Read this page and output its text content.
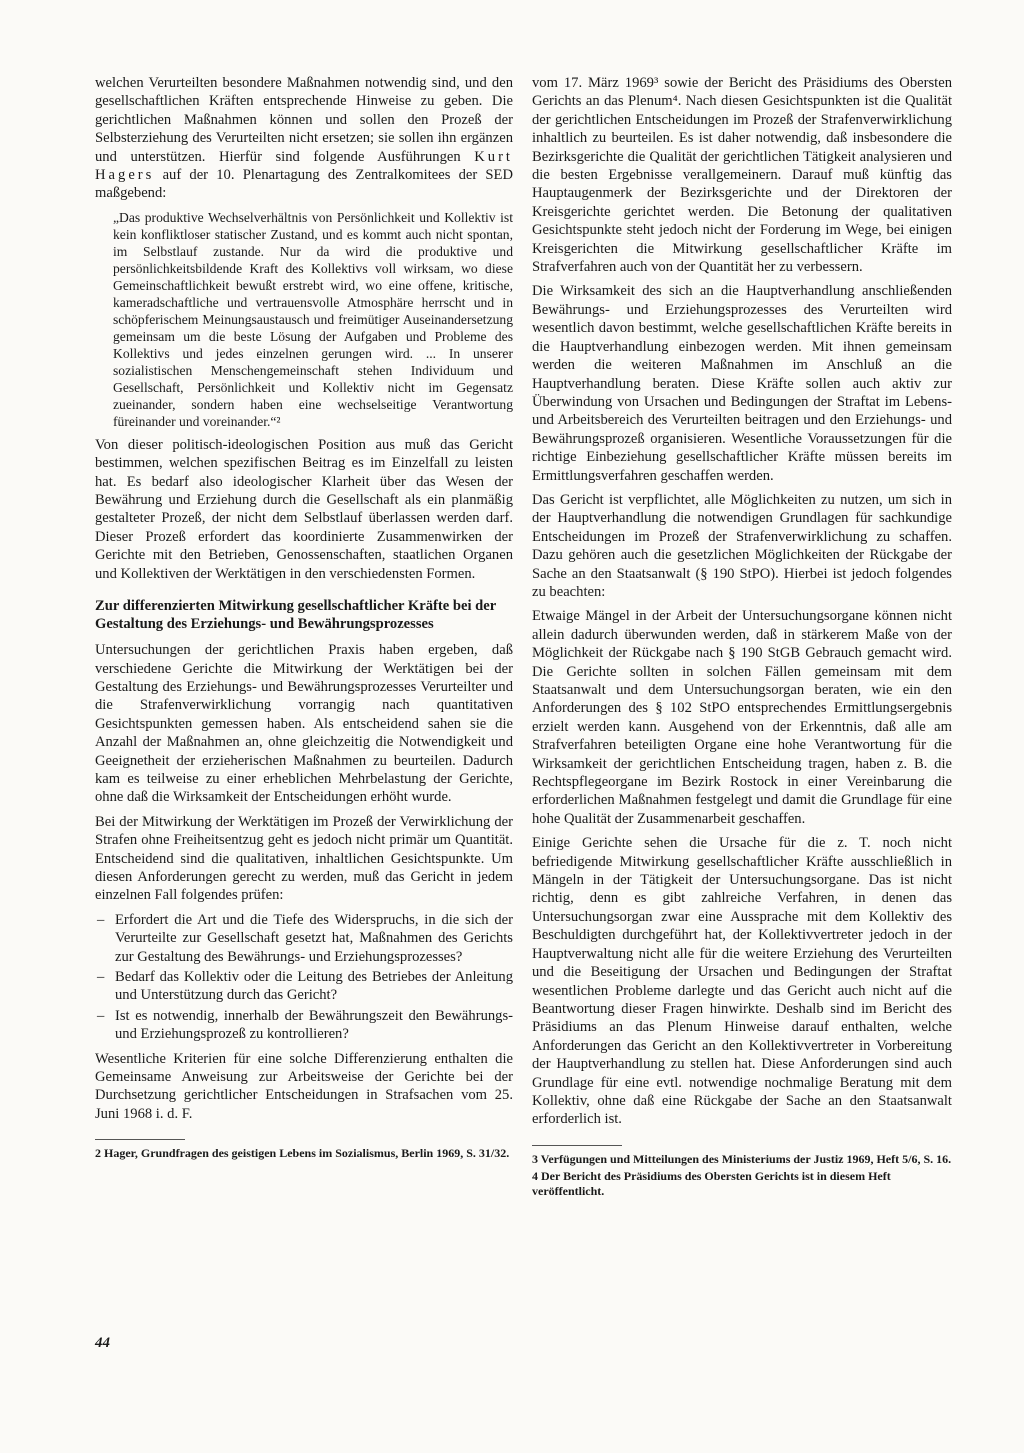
welchen Verurteilten besondere Maßnahmen notwendig sind, und den gesellschaftlichen Kräften entsprechende Hinweise zu geben. Die gerichtlichen Maßnahmen können und sollen den Prozeß der Selbsterziehung des Verurteilten nicht ersetzen; sie sollen ihn ergänzen und unterstützen. Hierfür sind folgende Ausführungen Kurt Hagers auf der 10. Plenartagung des Zentralkomitees der SED maßgebend:

„Das produktive Wechselverhältnis von Persönlichkeit und Kollektiv ist kein konfliktloser statischer Zustand, und es kommt auch nicht spontan, im Selbstlauf zustande. Nur da wird die produktive und persönlichkeitsbildende Kraft des Kollektivs voll wirksam, wo diese Gemeinschaftlichkeit bewußt erstrebt wird, wo eine offene, kritische, kameradschaftliche und vertrauensvolle Atmosphäre herrscht und in schöpferischem Meinungsaustausch und freimütiger Auseinandersetzung gemeinsam um die beste Lösung der Aufgaben und Probleme des Kollektivs und jedes einzelnen gerungen wird. ... In unserer sozialistischen Menschengemeinschaft stehen Individuum und Gesellschaft, Persönlichkeit und Kollektiv nicht im Gegensatz zueinander, sondern haben eine wechselseitige Verantwortung füreinander und voreinander.“²

Von dieser politisch-ideologischen Position aus muß das Gericht bestimmen, welchen spezifischen Beitrag es im Einzelfall zu leisten hat. Es bedarf also ideologischer Klarheit über das Wesen der Bewährung und Erziehung durch die Gesellschaft als ein planmäßig gestalteter Prozeß, der nicht dem Selbstlauf überlassen werden darf. Dieser Prozeß erfordert das koordinierte Zusammenwirken der Gerichte mit den Betrieben, Genossenschaften, staatlichen Organen und Kollektiven der Werktätigen in den verschiedensten Formen.

Zur differenzierten Mitwirkung gesellschaftlicher Kräfte bei der Gestaltung des Erziehungs- und Bewährungsprozesses

Untersuchungen der gerichtlichen Praxis haben ergeben, daß verschiedene Gerichte die Mitwirkung der Werktätigen bei der Gestaltung des Erziehungs- und Bewährungsprozesses Verurteilter und die Strafenverwirklichung vorrangig nach quantitativen Gesichtspunkten gemessen haben. Als entscheidend sahen sie die Anzahl der Maßnahmen an, ohne gleichzeitig die Notwendigkeit und Geeignetheit der erzieherischen Maßnahmen zu beurteilen. Dadurch kam es teilweise zu einer erheblichen Mehrbelastung der Gerichte, ohne daß die Wirksamkeit der Entscheidungen erhöht wurde.

Bei der Mitwirkung der Werktätigen im Prozeß der Verwirklichung der Strafen ohne Freiheitsentzug geht es jedoch nicht primär um Quantität. Entscheidend sind die qualitativen, inhaltlichen Gesichtspunkte. Um diesen Anforderungen gerecht zu werden, muß das Gericht in jedem einzelnen Fall folgendes prüfen:

– Erfordert die Art und die Tiefe des Widerspruchs, in die sich der Verurteilte zur Gesellschaft gesetzt hat, Maßnahmen des Gerichts zur Gestaltung des Bewährungs- und Erziehungsprozesses?
– Bedarf das Kollektiv oder die Leitung des Betriebes der Anleitung und Unterstützung durch das Gericht?
– Ist es notwendig, innerhalb der Bewährungszeit den Bewährungs- und Erziehungsprozeß zu kontrollieren?

Wesentliche Kriterien für eine solche Differenzierung enthalten die Gemeinsame Anweisung zur Arbeitsweise der Gerichte bei der Durchsetzung gerichtlicher Entscheidungen in Strafsachen vom 25. Juni 1968 i. d. F.

2 Hager, Grundfragen des geistigen Lebens im Sozialismus, Berlin 1969, S. 31/32.

vom 17. März 1969³ sowie der Bericht des Präsidiums des Obersten Gerichts an das Plenum⁴. Nach diesen Gesichtspunkten ist die Qualität der gerichtlichen Entscheidungen im Prozeß der Strafenverwirklichung inhaltlich zu beurteilen. Es ist daher notwendig, daß insbesondere die Bezirksgerichte die Qualität der gerichtlichen Tätigkeit analysieren und die besten Ergebnisse verallgemeinern. Darauf muß künftig das Hauptaugenmerk der Bezirksgerichte und der Direktoren der Kreisgerichte gerichtet werden. Die Betonung der qualitativen Gesichtspunkte steht jedoch nicht der Forderung im Wege, bei einigen Kreisgerichten die Mitwirkung gesellschaftlicher Kräfte im Strafverfahren auch von der Quantität her zu verbessern.

Die Wirksamkeit des sich an die Hauptverhandlung anschließenden Bewährungs- und Erziehungsprozesses des Verurteilten wird wesentlich davon bestimmt, welche gesellschaftlichen Kräfte bereits in die Hauptverhandlung einbezogen werden. Mit ihnen gemeinsam werden die weiteren Maßnahmen im Anschluß an die Hauptverhandlung beraten. Diese Kräfte sollen auch aktiv zur Überwindung von Ursachen und Bedingungen der Straftat im Lebens- und Arbeitsbereich des Verurteilten beitragen und den Erziehungs- und Bewährungsprozeß organisieren. Wesentliche Voraussetzungen für die richtige Einbeziehung gesellschaftlicher Kräfte müssen bereits im Ermittlungsverfahren geschaffen werden.

Das Gericht ist verpflichtet, alle Möglichkeiten zu nutzen, um sich in der Hauptverhandlung die notwendigen Grundlagen für sachkundige Entscheidungen im Prozeß der Strafenverwirklichung zu schaffen. Dazu gehören auch die gesetzlichen Möglichkeiten der Rückgabe der Sache an den Staatsanwalt (§ 190 StPO). Hierbei ist jedoch folgendes zu beachten:

Etwaige Mängel in der Arbeit der Untersuchungsorgane können nicht allein dadurch überwunden werden, daß in stärkerem Maße von der Möglichkeit der Rückgabe nach § 190 StGB Gebrauch gemacht wird. Die Gerichte sollten in solchen Fällen gemeinsam mit dem Staatsanwalt und dem Untersuchungsorgan beraten, wie ein den Anforderungen des § 102 StPO entsprechendes Ermittlungsergebnis erzielt werden kann. Ausgehend von der Erkenntnis, daß alle am Strafverfahren beteiligten Organe eine hohe Verantwortung für die Wirksamkeit der gerichtlichen Entscheidung tragen, haben z. B. die Rechtspflegeorgane im Bezirk Rostock in einer Vereinbarung die erforderlichen Maßnahmen festgelegt und damit die Grundlage für eine hohe Qualität der Zusammenarbeit geschaffen.

Einige Gerichte sehen die Ursache für die z. T. noch nicht befriedigende Mitwirkung gesellschaftlicher Kräfte ausschließlich in Mängeln in der Tätigkeit der Untersuchungsorgane. Das ist nicht richtig, denn es gibt zahlreiche Verfahren, in denen das Untersuchungsorgan zwar eine Aussprache mit dem Kollektiv des Beschuldigten durchgeführt hat, der Kollektivvertreter jedoch in der Hauptverwaltung nicht alle für die weitere Erziehung des Verurteilten und die Beseitigung der Ursachen und Bedingungen der Straftat wesentlichen Probleme darlegte und das Gericht auch nicht auf die Beantwortung dieser Fragen hinwirkte. Deshalb sind im Bericht des Präsidiums an das Plenum Hinweise darauf enthalten, welche Anforderungen das Gericht an den Kollektivvertreter in Vorbereitung der Hauptverhandlung zu stellen hat. Diese Anforderungen sind auch Grundlage für eine evtl. notwendige nochmalige Beratung mit dem Kollektiv, ohne daß eine Rückgabe der Sache an den Staatsanwalt erforderlich ist.

3 Verfügungen und Mitteilungen des Ministeriums der Justiz 1969, Heft 5/6, S. 16.

4 Der Bericht des Präsidiums des Obersten Gerichts ist in diesem Heft veröffentlicht.

44
